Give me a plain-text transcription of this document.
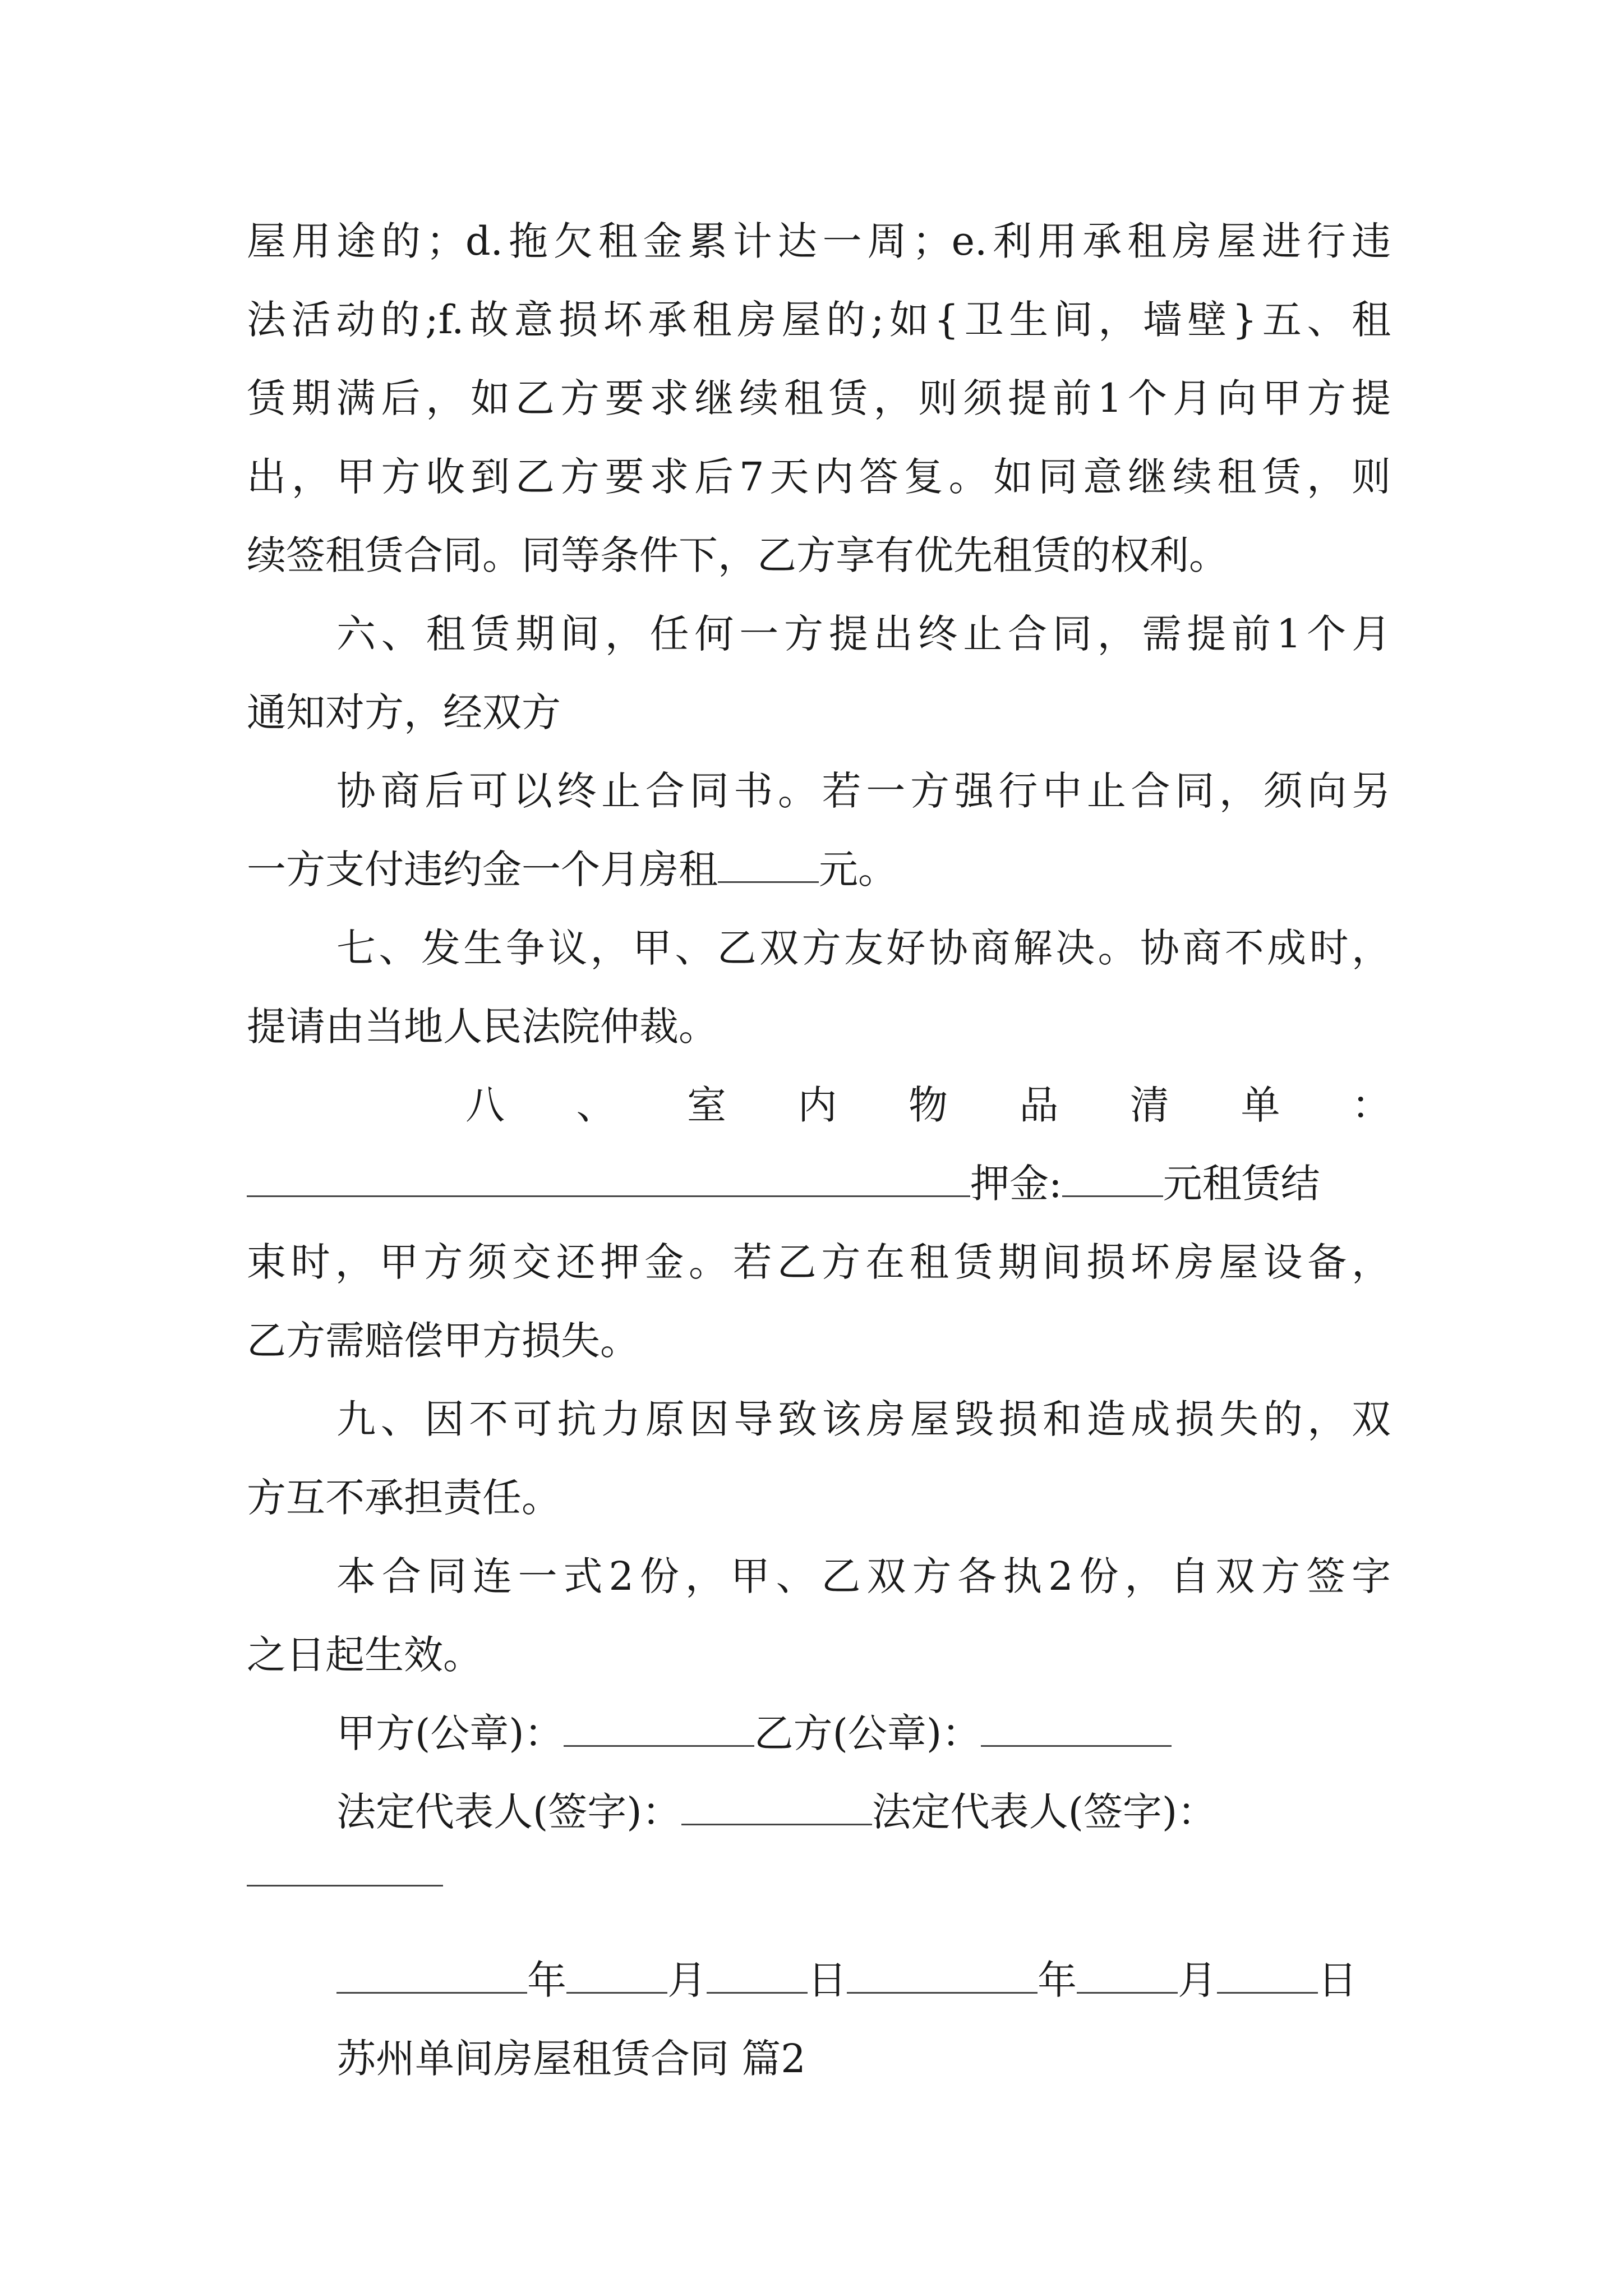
屋用途的；d.拖欠租金累计达一周；e.利用承租房屋进行违
法活动的;f.故意损坏承租房屋的;如{卫生间，墙壁}五、租
赁期满后，如乙方要求继续租赁，则须提前1个月向甲方提
出，甲方收到乙方要求后7天内答复。如同意继续租赁，则
续签租赁合同。同等条件下，乙方享有优先租赁的权利。
六、租赁期间，任何一方提出终止合同，需提前1个月
通知对方，经双方
协商后可以终止合同书。若一方强行中止合同，须向另
一方支付违约金一个月房租	元。
七、发生争议，甲、乙双方友好协商解决。协商不成时，
提请由当地人民法院仲裁。
八 、 室 内 物 品 清 单 ：
押金:	元租赁结
束时，甲方须交还押金。若乙方在租赁期间损坏房屋设备，
乙方需赔偿甲方损失。
九、因不可抗力原因导致该房屋毁损和造成损失的，双
方互不承担责任。
本合同连一式2份，甲、乙双方各执2份，自双方签字
之日起生效。
甲方(公章)：	乙方(公章)：
法定代表人(签字)：	法定代表人(签字)：
年	月	日	年	月	日
苏州单间房屋租赁合同 篇2
